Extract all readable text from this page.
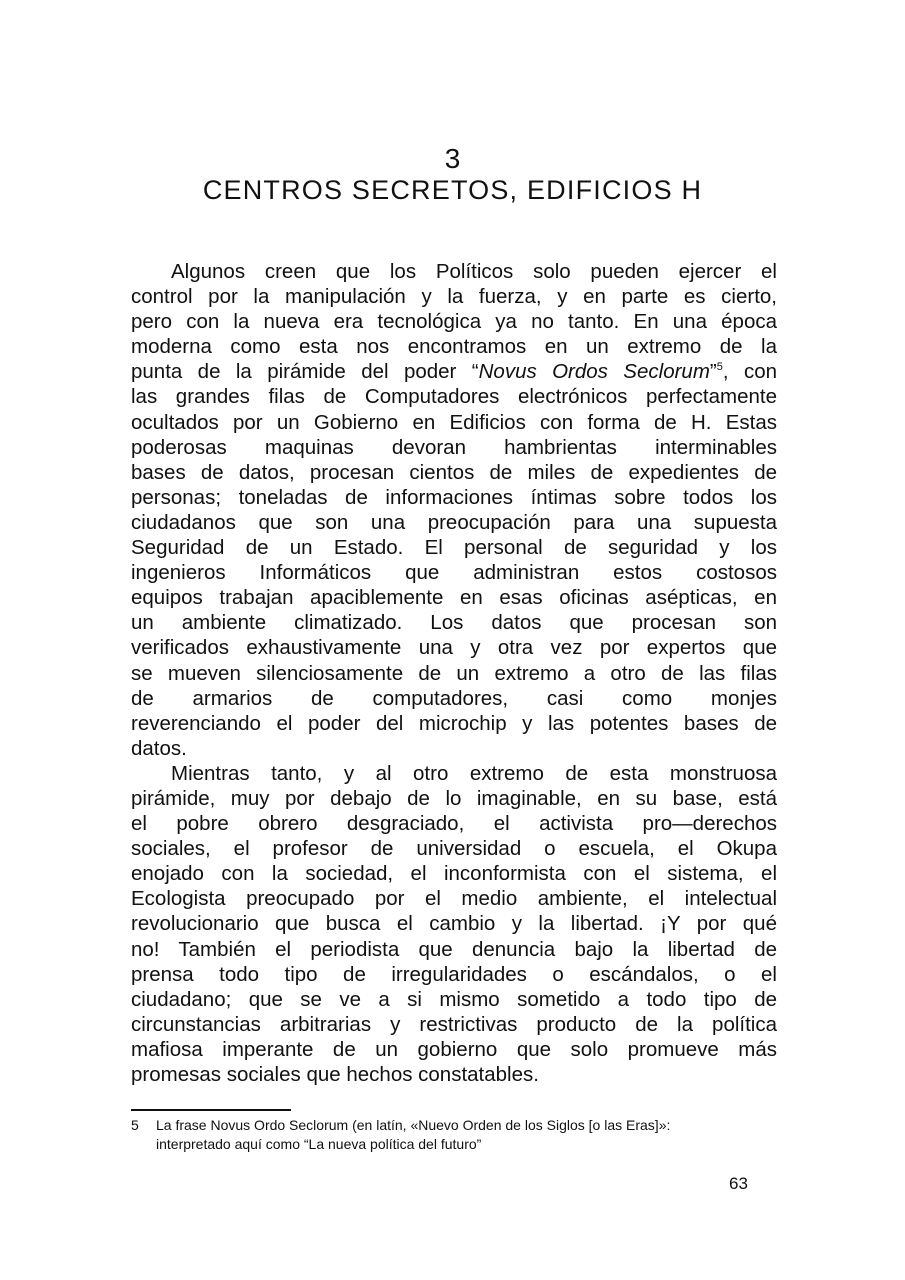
3
CENTROS SECRETOS, EDIFICIOS H
Algunos creen que los Políticos solo pueden ejercer el
control por la manipulación y la fuerza, y en parte es cierto,
pero con la nueva era tecnológica ya no tanto. En una época
moderna como esta nos encontramos en un extremo de la
punta de la pirámide del poder “Novus Ordos Seclorum”$^5$, con
las grandes filas de Computadores electrónicos perfectamente
ocultados por un Gobierno en Edificios con forma de H. Estas
poderosas maquinas devoran hambrientas interminables
bases de datos, procesan cientos de miles de expedientes de
personas; toneladas de informaciones íntimas sobre todos los
ciudadanos que son una preocupación para una supuesta
Seguridad de un Estado. El personal de seguridad y los
ingenieros Informáticos que administran estos costosos
equipos trabajan apaciblemente en esas oficinas asépticas, en
un ambiente climatizado. Los datos que procesan son
verificados exhaustivamente una y otra vez por expertos que
se mueven silenciosamente de un extremo a otro de las filas
de armarios de computadores, casi como monjes
reverenciando el poder del microchip y las potentes bases de
datos.
Mientras tanto, y al otro extremo de esta monstruosa
pirámide, muy por debajo de lo imaginable, en su base, está
el pobre obrero desgraciado, el activista pro—derechos
sociales, el profesor de universidad o escuela, el Okupa
enojado con la sociedad, el inconformista con el sistema, el
Ecologista preocupado por el medio ambiente, el intelectual
revolucionario que busca el cambio y la libertad. ¡Y por qué
no! También el periodista que denuncia bajo la libertad de
prensa todo tipo de irregularidades o escándalos, o el
ciudadano; que se ve a si mismo sometido a todo tipo de
circunstancias arbitrarias y restrictivas producto de la política
mafiosa imperante de un gobierno que solo promueve más
promesas sociales que hechos constatables.
5 La frase Novus Ordo Seclorum (en latín, «Nuevo Orden de los Siglos [o las Eras]»:
interpretado aquí como “La nueva política del futuro”
63
